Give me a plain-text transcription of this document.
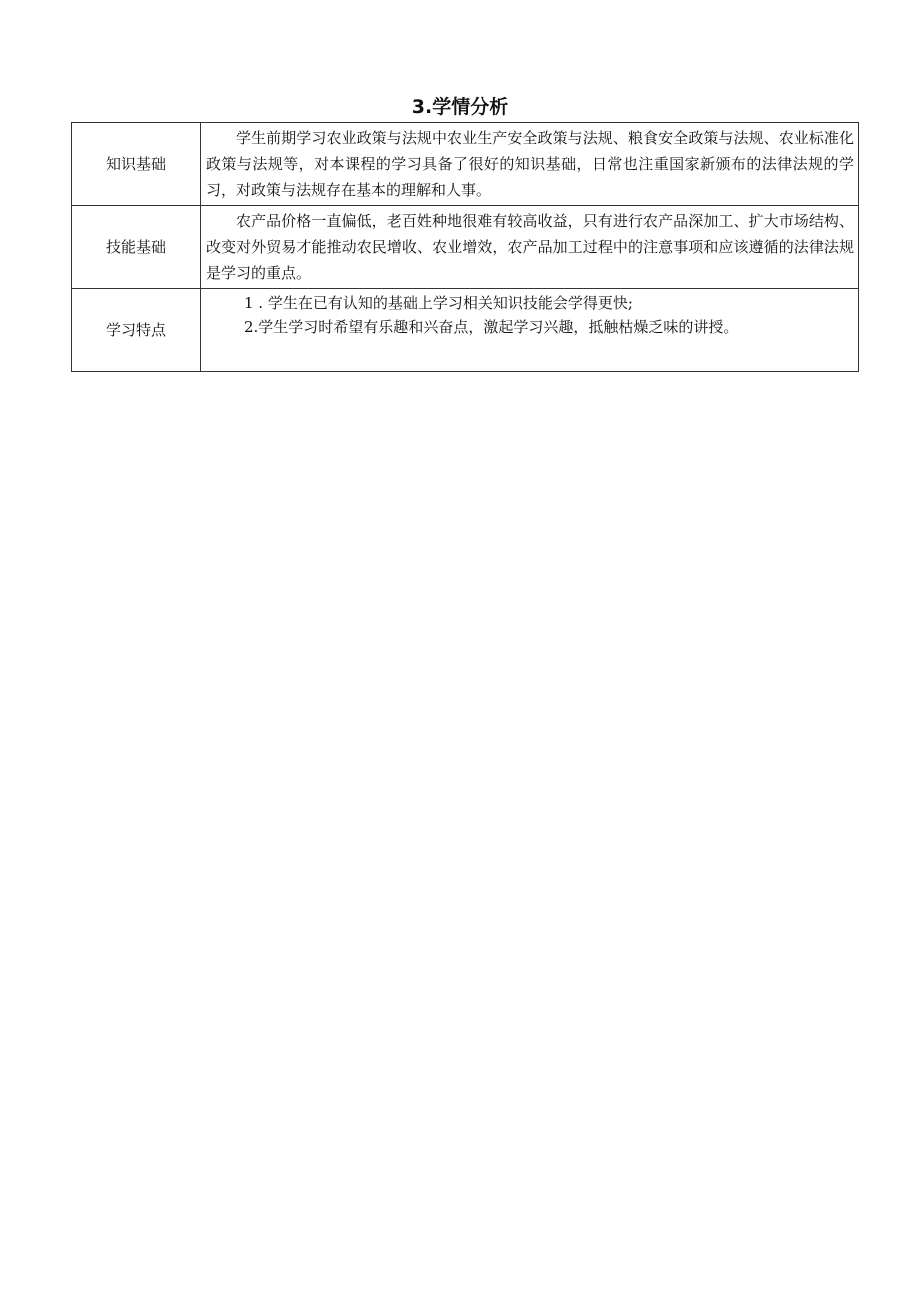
3.学情分析
知识基础	学生前期学习农业政策与法规中农业生产安全政策与法规、粮食安全政策与法规、农业标准化政策与法规等，对本课程的学习具备了很好的知识基础，日常也注重国家新颁布的法律法规的学习，对政策与法规存在基本的理解和人事。

技能基础	农产品价格一直偏低，老百姓种地很难有较高收益，只有进行农产品深加工、扩大市场结构、改变对外贸易才能推动农民增收、农业增效，农产品加工过程中的注意事项和应该遵循的法律法规是学习的重点。

学习特点	1 . 学生在已有认知的基础上学习相关知识技能会学得更快;

2.学生学习时希望有乐趣和兴奋点，激起学习兴趣，抵触枯燥乏味的讲授。
